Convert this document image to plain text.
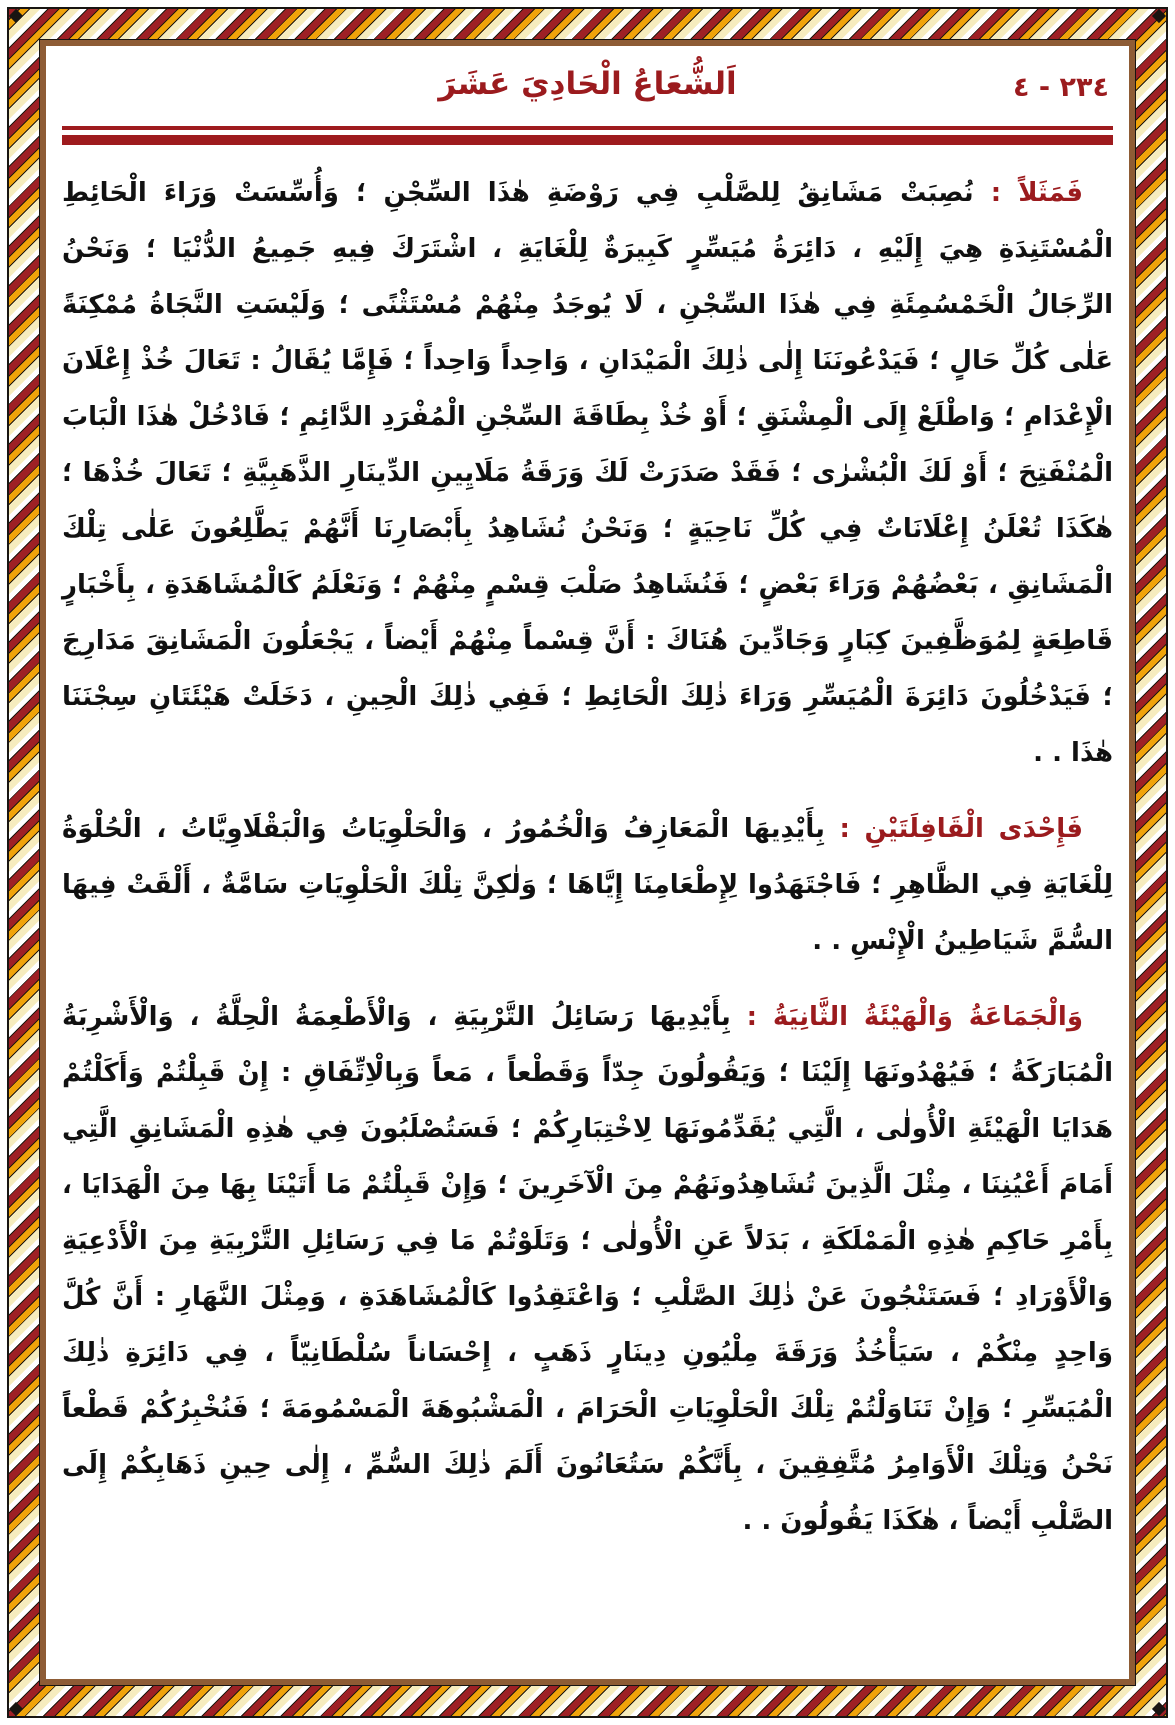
٢٣٤ - ٤
اَلشُّعَاعُ الْحَادِيَ عَشَرَ

فَمَثَلاً : نُصِبَتْ مَشَانِقُ لِلصَّلْبِ فِي رَوْضَةِ هٰذَا السِّجْنِ ؛ وَأُسِّسَتْ وَرَاءَ الْحَائِطِ الْمُسْتَنِدَةِ هِيَ إِلَيْهِ ، دَائِرَةُ مُيَسِّرٍ كَبِيرَةٌ لِلْغَايَةِ ، اشْتَرَكَ فِيهِ جَمِيعُ الدُّنْيَا ؛ وَنَحْنُ الرِّجَالُ الْخَمْسُمِئَةِ فِي هٰذَا السِّجْنِ ، لَا يُوجَدُ مِنْهُمْ مُسْتَثْنًى ؛ وَلَيْسَتِ النَّجَاةُ مُمْكِنَةً عَلٰى كُلِّ حَالٍ ؛ فَيَدْعُونَنَا إِلٰى ذٰلِكَ الْمَيْدَانِ ، وَاحِداً وَاحِداً ؛ فَإِمَّا يُقَالُ : تَعَالَ خُذْ إِعْلَانَ الْإِعْدَامِ ؛ وَاطْلَعْ إِلَى الْمِشْنَقِ ؛ أَوْ خُذْ بِطَاقَةَ السِّجْنِ الْمُفْرَدِ الدَّائِمِ ؛ فَادْخُلْ هٰذَا الْبَابَ الْمُنْفَتِحَ ؛ أَوْ لَكَ الْبُشْرٰى ؛ فَقَدْ صَدَرَتْ لَكَ وَرَقَةُ مَلَايِينِ الدِّينَارِ الذَّهَبِيَّةِ ؛ تَعَالَ خُذْهَا ؛ هٰكَذَا تُعْلَنُ إِعْلَانَاتٌ فِي كُلِّ نَاحِيَةٍ ؛ وَنَحْنُ نُشَاهِدُ بِأَبْصَارِنَا أَنَّهُمْ يَطَّلِعُونَ عَلٰى تِلْكَ الْمَشَانِقِ ، بَعْضُهُمْ وَرَاءَ بَعْضٍ ؛ فَنُشَاهِدُ صَلْبَ قِسْمٍ مِنْهُمْ ؛ وَنَعْلَمُ كَالْمُشَاهَدَةِ ، بِأَخْبَارٍ قَاطِعَةٍ لِمُوَظَّفِينَ كِبَارٍ وَجَادِّينَ هُنَاكَ : أَنَّ قِسْماً مِنْهُمْ أَيْضاً ، يَجْعَلُونَ الْمَشَانِقَ مَدَارِجَ ؛ فَيَدْخُلُونَ دَائِرَةَ الْمُيَسِّرِ وَرَاءَ ذٰلِكَ الْحَائِطِ ؛ فَفِي ذٰلِكَ الْحِينِ ، دَخَلَتْ هَيْئَتَانِ سِجْنَنَا هٰذَا . .

فَإِحْدَى الْقَافِلَتَيْنِ : بِأَيْدِيهَا الْمَعَازِفُ وَالْخُمُورُ ، وَالْحَلْوِيَاتُ وَالْبَقْلَاوِيَّاتُ ، الْحُلْوَةُ لِلْغَايَةِ فِي الظَّاهِرِ ؛ فَاجْتَهَدُوا لِإِطْعَامِنَا إِيَّاهَا ؛ وَلٰكِنَّ تِلْكَ الْحَلْوِيَاتِ سَامَّةٌ ، أَلْقَتْ فِيهَا السُّمَّ شَيَاطِينُ الْإِنْسِ . .

وَالْجَمَاعَةُ وَالْهَيْئَةُ الثَّانِيَةُ : بِأَيْدِيهَا رَسَائِلُ التَّرْبِيَةِ ، وَالْأَطْعِمَةُ الْحِلَّةُ ، وَالْأَشْرِبَةُ الْمُبَارَكَةُ ؛ فَيُهْدُونَهَا إِلَيْنَا ؛ وَيَقُولُونَ جِدّاً وَقَطْعاً ، مَعاً وَبِالْاِتِّفَاقِ : إِنْ قَبِلْتُمْ وَأَكَلْتُمْ هَدَايَا الْهَيْئَةِ الْأُولٰى ، الَّتِي يُقَدِّمُونَهَا لِاخْتِبَارِكُمْ ؛ فَسَتُصْلَبُونَ فِي هٰذِهِ الْمَشَانِقِ الَّتِي أَمَامَ أَعْيُنِنَا ، مِثْلَ الَّذِينَ تُشَاهِدُونَهُمْ مِنَ الْآخَرِينَ ؛ وَإِنْ قَبِلْتُمْ مَا أَتَيْنَا بِهَا مِنَ الْهَدَايَا ، بِأَمْرِ حَاكِمِ هٰذِهِ الْمَمْلَكَةِ ، بَدَلاً عَنِ الْأُولٰى ؛ وَتَلَوْتُمْ مَا فِي رَسَائِلِ التَّرْبِيَةِ مِنَ الْأَدْعِيَةِ وَالْأَوْرَادِ ؛ فَسَتَنْجُونَ عَنْ ذٰلِكَ الصَّلْبِ ؛ وَاعْتَقِدُوا كَالْمُشَاهَدَةِ ، وَمِثْلَ النَّهَارِ : أَنَّ كُلَّ وَاحِدٍ مِنْكُمْ ، سَيَأْخُذُ وَرَقَةَ مِلْيُونِ دِينَارٍ ذَهَبٍ ، إِحْسَاناً سُلْطَانِيّاً ، فِي دَائِرَةِ ذٰلِكَ الْمُيَسِّرِ ؛ وَإِنْ تَنَاوَلْتُمْ تِلْكَ الْحَلْوِيَاتِ الْحَرَامَ ، الْمَشْبُوهَةَ الْمَسْمُومَةَ ؛ فَنُخْبِرُكُمْ قَطْعاً نَحْنُ وَتِلْكَ الْأَوَامِرُ مُتَّفِقِينَ ، بِأَنَّكُمْ سَتُعَانُونَ أَلَمَ ذٰلِكَ السُّمِّ ، إِلٰى حِينِ ذَهَابِكُمْ إِلَى الصَّلْبِ أَيْضاً ، هٰكَذَا يَقُولُونَ . .
